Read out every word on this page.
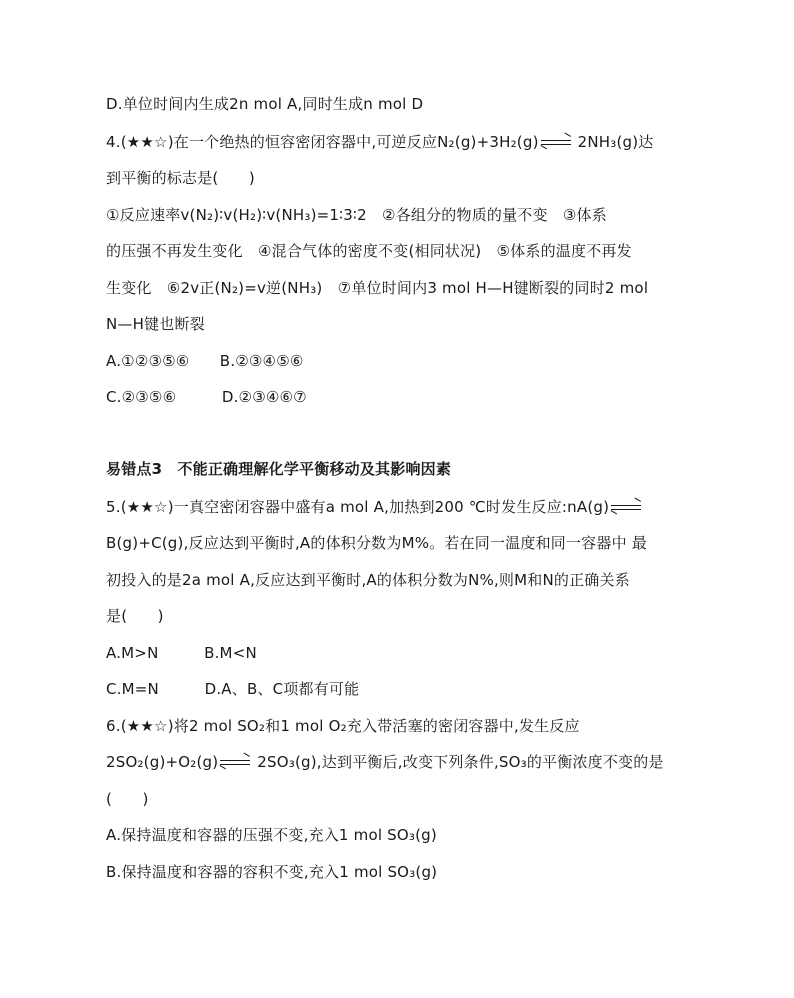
D.单位时间内生成2n mol A,同时生成n mol D
4.(★★☆)在一个绝热的恒容密闭容器中,可逆反应N₂(g)+3H₂(g)
2NH₃(g)达
到平衡的标志是(　　)
①反应速率v(N₂)∶v(H₂)∶v(NH₃)=1∶3∶2　②各组分的物质的量不变　③体系
的压强不再发生变化　④混合气体的密度不变(相同状况)　⑤体系的温度不再发
生变化　⑥2v正(N₂)=v逆(NH₃)　⑦单位时间内3 mol H—H键断裂的同时2 mol
N—H键也断裂
A.①②③⑤⑥　　B.②③④⑤⑥
C.②③⑤⑥　　　D.②③④⑥⑦
易错点3　不能正确理解化学平衡移动及其影响因素
5.(★★☆)一真空密闭容器中盛有a mol A,加热到200 ℃时发生反应:nA(g)
B(g)+C(g),反应达到平衡时,A的体积分数为M%。若在同一温度和同一容器中 最
初投入的是2a mol A,反应达到平衡时,A的体积分数为N%,则M和N的正确关系
是(　　)
A.M>N　　　B.M<N
C.M=N　　　D.A、B、C项都有可能
6.(★★☆)将2 mol SO₂和1 mol O₂充入带活塞的密闭容器中,发生反应
2SO₂(g)+O₂(g)
2SO₃(g),达到平衡后,改变下列条件,SO₃的平衡浓度不变的是
(　　)
A.保持温度和容器的压强不变,充入1 mol SO₃(g)
B.保持温度和容器的容积不变,充入1 mol SO₃(g)
